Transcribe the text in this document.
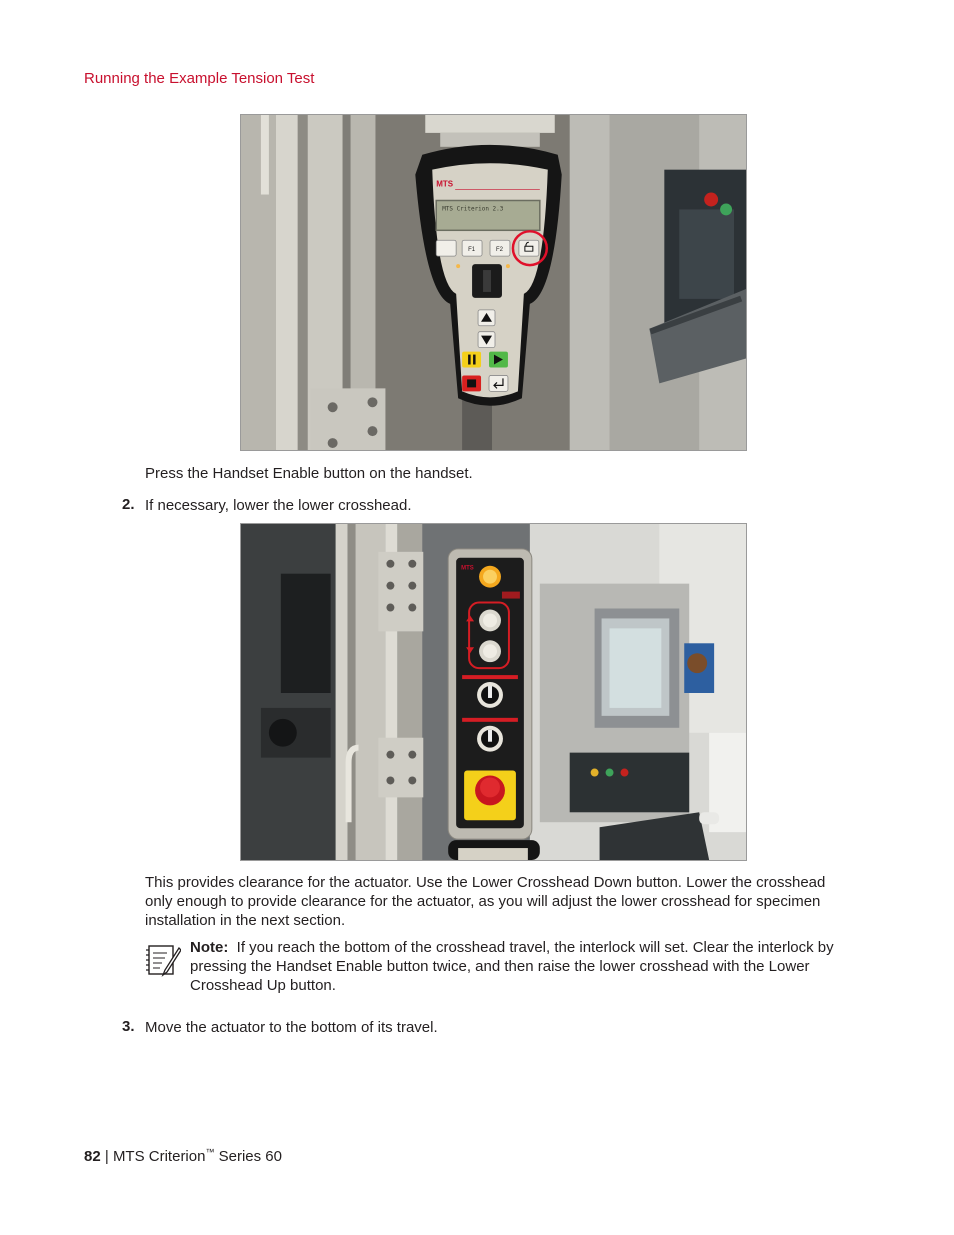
Running the Example Tension Test
MTS
MTS Criterion 2.3
F1	F2
Press the Handset Enable button on the handset.
2. If necessary, lower the lower crosshead.
MTS
This provides clearance for the actuator. Use the Lower Crosshead Down button. Lower the crosshead only enough to provide clearance for the actuator, as you will adjust the lower crosshead for specimen installation in the next section.
Note: If you reach the bottom of the crosshead travel, the interlock will set. Clear the interlock by pressing the Handset Enable button twice, and then raise the lower crosshead with the Lower Crosshead Up button.
3. Move the actuator to the bottom of its travel.
82 | MTS Criterion™ Series 60
